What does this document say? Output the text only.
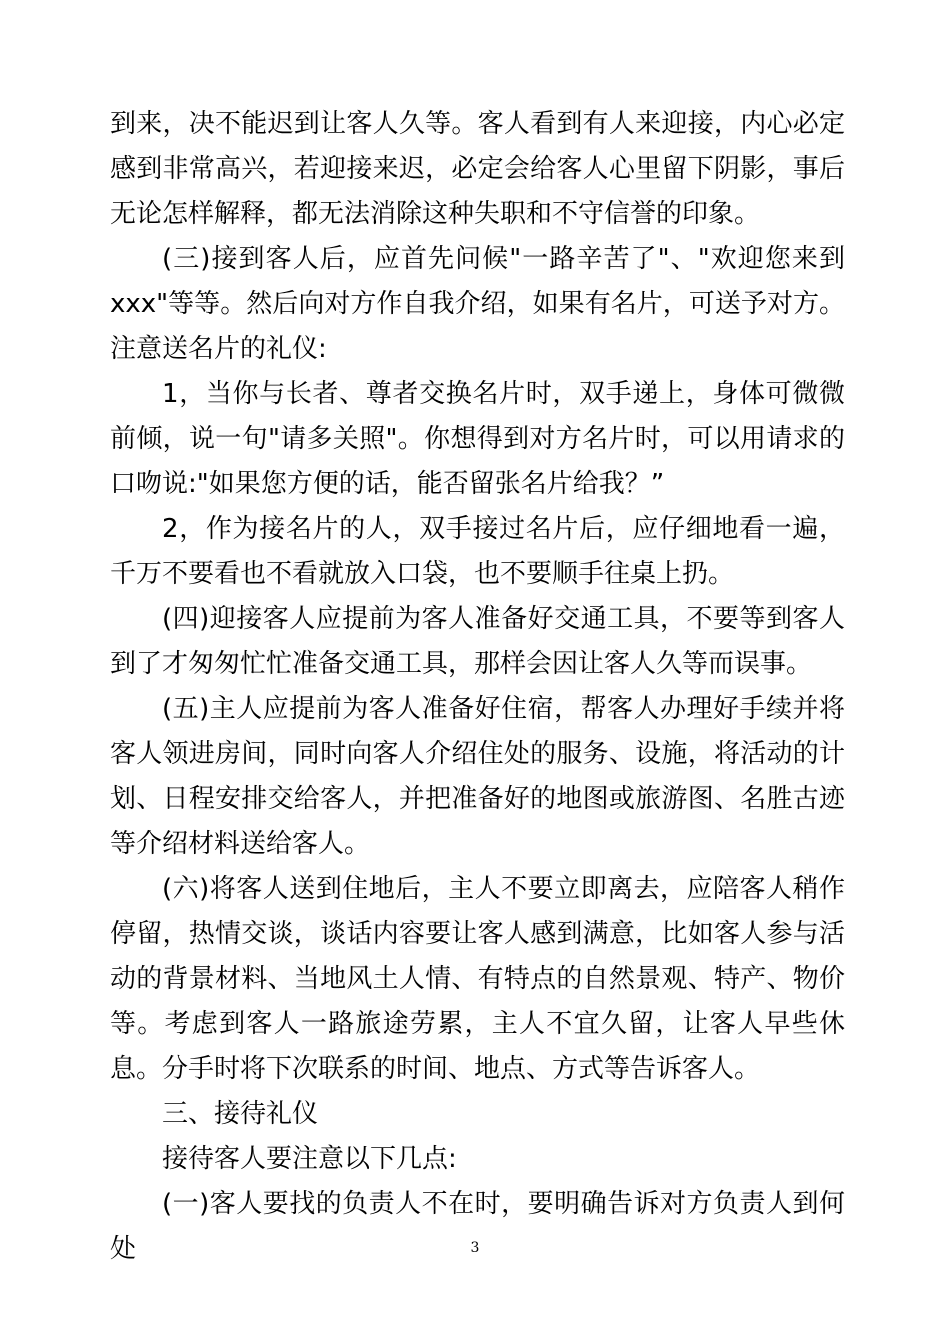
到来，决不能迟到让客人久等。客人看到有人来迎接，内心必定感到非常高兴，若迎接来迟，必定会给客人心里留下阴影，事后无论怎样解释，都无法消除这种失职和不守信誉的印象。

(三)接到客人后，应首先问候"一路辛苦了"、"欢迎您来到 xxx"等等。然后向对方作自我介绍，如果有名片，可送予对方。注意送名片的礼仪:

1，当你与长者、尊者交换名片时，双手递上，身体可微微前倾，说一句"请多关照"。你想得到对方名片时，可以用请求的口吻说:"如果您方便的话，能否留张名片给我？”

2，作为接名片的人，双手接过名片后，应仔细地看一遍，千万不要看也不看就放入口袋，也不要顺手往桌上扔。

(四)迎接客人应提前为客人准备好交通工具，不要等到客人到了才匆匆忙忙准备交通工具，那样会因让客人久等而误事。

(五)主人应提前为客人准备好住宿，帮客人办理好手续并将客人领进房间，同时向客人介绍住处的服务、设施，将活动的计划、日程安排交给客人，并把准备好的地图或旅游图、名胜古迹等介绍材料送给客人。

(六)将客人送到住地后，主人不要立即离去，应陪客人稍作停留，热情交谈，谈话内容要让客人感到满意，比如客人参与活动的背景材料、当地风土人情、有特点的自然景观、特产、物价等。考虑到客人一路旅途劳累，主人不宜久留，让客人早些休息。分手时将下次联系的时间、地点、方式等告诉客人。

三、接待礼仪

接待客人要注意以下几点:

(一)客人要找的负责人不在时，要明确告诉对方负责人到何处	3
